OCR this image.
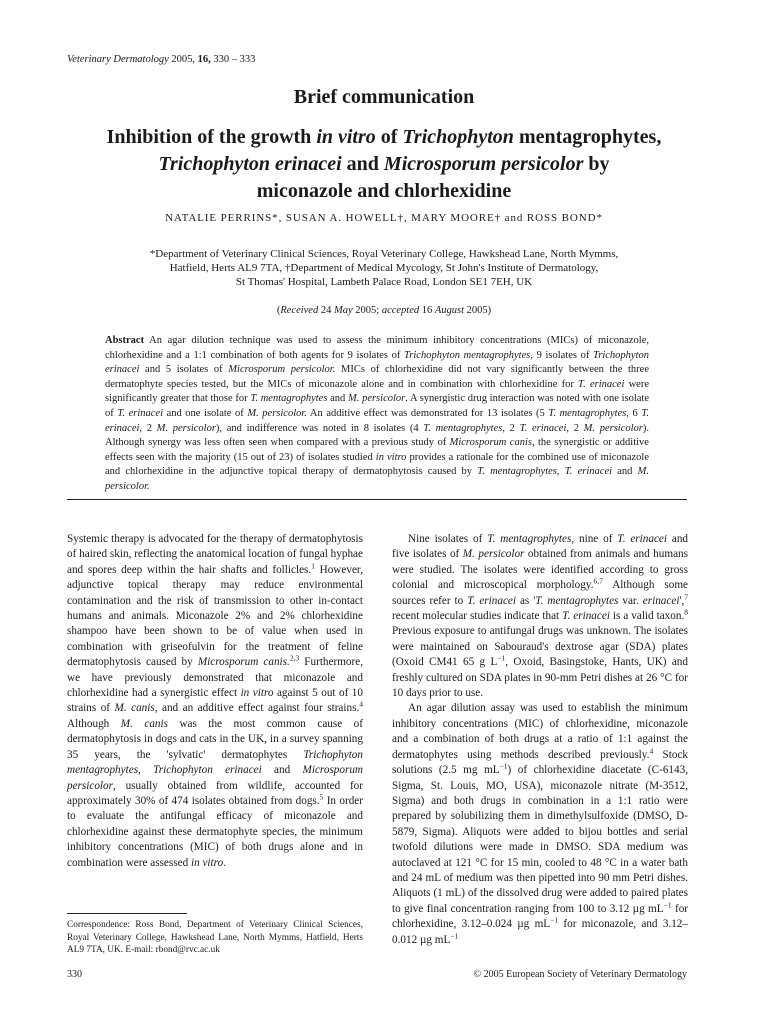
Veterinary Dermatology 2005, 16, 330 – 333
Brief communication
Inhibition of the growth in vitro of Trichophyton mentagrophytes,
Trichophyton erinacei and Microsporum persicolor by
miconazole and chlorhexidine
NATALIE PERRINS*, SUSAN A. HOWELL†, MARY MOORE† and ROSS BOND*
*Department of Veterinary Clinical Sciences, Royal Veterinary College, Hawkshead Lane, North Mymms,
Hatfield, Herts AL9 7TA, †Department of Medical Mycology, St John's Institute of Dermatology,
St Thomas' Hospital, Lambeth Palace Road, London SE1 7EH, UK
(Received 24 May 2005; accepted 16 August 2005)
Abstract An agar dilution technique was used to assess the minimum inhibitory concentrations (MICs) of miconazole, chlorhexidine and a 1:1 combination of both agents for 9 isolates of Trichophyton mentagrophytes, 9 isolates of Trichophyton erinacei and 5 isolates of Microsporum persicolor. MICs of chlorhexidine did not vary significantly between the three dermatophyte species tested, but the MICs of miconazole alone and in combination with chlorhexidine for T. erinacei were significantly greater that those for T. mentagrophytes and M. persicolor. A synergistic drug interaction was noted with one isolate of T. erinacei and one isolate of M. persicolor. An additive effect was demonstrated for 13 isolates (5 T. mentagrophytes, 6 T. erinacei, 2 M. persicolor), and indifference was noted in 8 isolates (4 T. mentagrophytes, 2 T. erinacei, 2 M. persicolor). Although synergy was less often seen when compared with a previous study of Microsporum canis, the synergistic or additive effects seen with the majority (15 out of 23) of isolates studied in vitro provides a rationale for the combined use of miconazole and chlorhexidine in the adjunctive topical therapy of dermatophytosis caused by T. mentagrophytes, T. erinacei and M. persicolor.

Systemic therapy is advocated for the therapy of dermatophytosis of haired skin, reflecting the anatomical location of fungal hyphae and spores deep within the hair shafts and follicles.$^1$ However, adjunctive topical therapy may reduce environmental contamination and the risk of transmission to other in-contact humans and animals. Miconazole 2% and 2% chlorhexidine shampoo have been shown to be of value when used in combination with griseofulvin for the treatment of feline dermatophytosis caused by Microsporum canis.$^{2,3}$ Furthermore, we have previously demonstrated that miconazole and chlorhexidine had a synergistic effect in vitro against 5 out of 10 strains of M. canis, and an additive effect against four strains.$^4$ Although M. canis was the most common cause of dermatophytosis in dogs and cats in the UK, in a survey spanning 35 years, the 'sylvatic' dermatophytes Trichophyton mentagrophytes, Trichophyton erinacei and Microsporum persicolor, usually obtained from wildlife, accounted for approximately 30% of 474 isolates obtained from dogs.$^5$ In order to evaluate the antifungal efficacy of miconazole and chlorhexidine against these dermatophyte species, the minimum inhibitory concentrations (MIC) of both drugs alone and in combination were assessed in vitro.

Nine isolates of T. mentagrophytes, nine of T. erinacei and five isolates of M. persicolor obtained from animals and humans were studied. The isolates were identified according to gross colonial and microscopical morphology.$^{6,7}$ Although some sources refer to T. erinacei as 'T. mentagrophytes var. erinacei',$^7$ recent molecular studies indicate that T. erinacei is a valid taxon.$^8$ Previous exposure to antifungal drugs was unknown. The isolates were maintained on Sabouraud's dextrose agar (SDA) plates (Oxoid CM41 65 g $L^{-1}$, Oxoid, Basingstoke, Hants, UK) and freshly cultured on SDA plates in 90-mm Petri dishes at 26 °C for 10 days prior to use.

An agar dilution assay was used to establish the minimum inhibitory concentrations (MIC) of chlorhexidine, miconazole and a combination of both drugs at a ratio of 1:1 against the dermatophytes using methods described previously.$^4$ Stock solutions (2.5 mg $mL^{-1}$) of chlorhexidine diacetate (C-6143, Sigma, St. Louis, MO, USA), miconazole nitrate (M-3512, Sigma) and both drugs in combination in a 1:1 ratio were prepared by solubilizing them in dimethylsulfoxide (DMSO, D-5879, Sigma). Aliquots were added to bijou bottles and serial twofold dilutions were made in DMSO. SDA medium was autoclaved at 121 °C for 15 min, cooled to 48 °C in a water bath and 24 mL of medium was then pipetted into 90 mm Petri dishes. Aliquots (1 mL) of the dissolved drug were added to paired plates to give final concentration ranging from 100 to 3.12 µg $mL^{-1}$ for chlorhexidine, 3.12–0.024 µg $mL^{-1}$ for miconazole, and 3.12–0.012 µg $mL^{-1}$

Correspondence: Ross Bond, Department of Veterinary Clinical Sciences, Royal Veterinary College, Hawkshead Lane, North Mymms, Hatfield, Herts AL9 7TA, UK. E-mail: rbond@rvc.ac.uk
330	© 2005 European Society of Veterinary Dermatology
